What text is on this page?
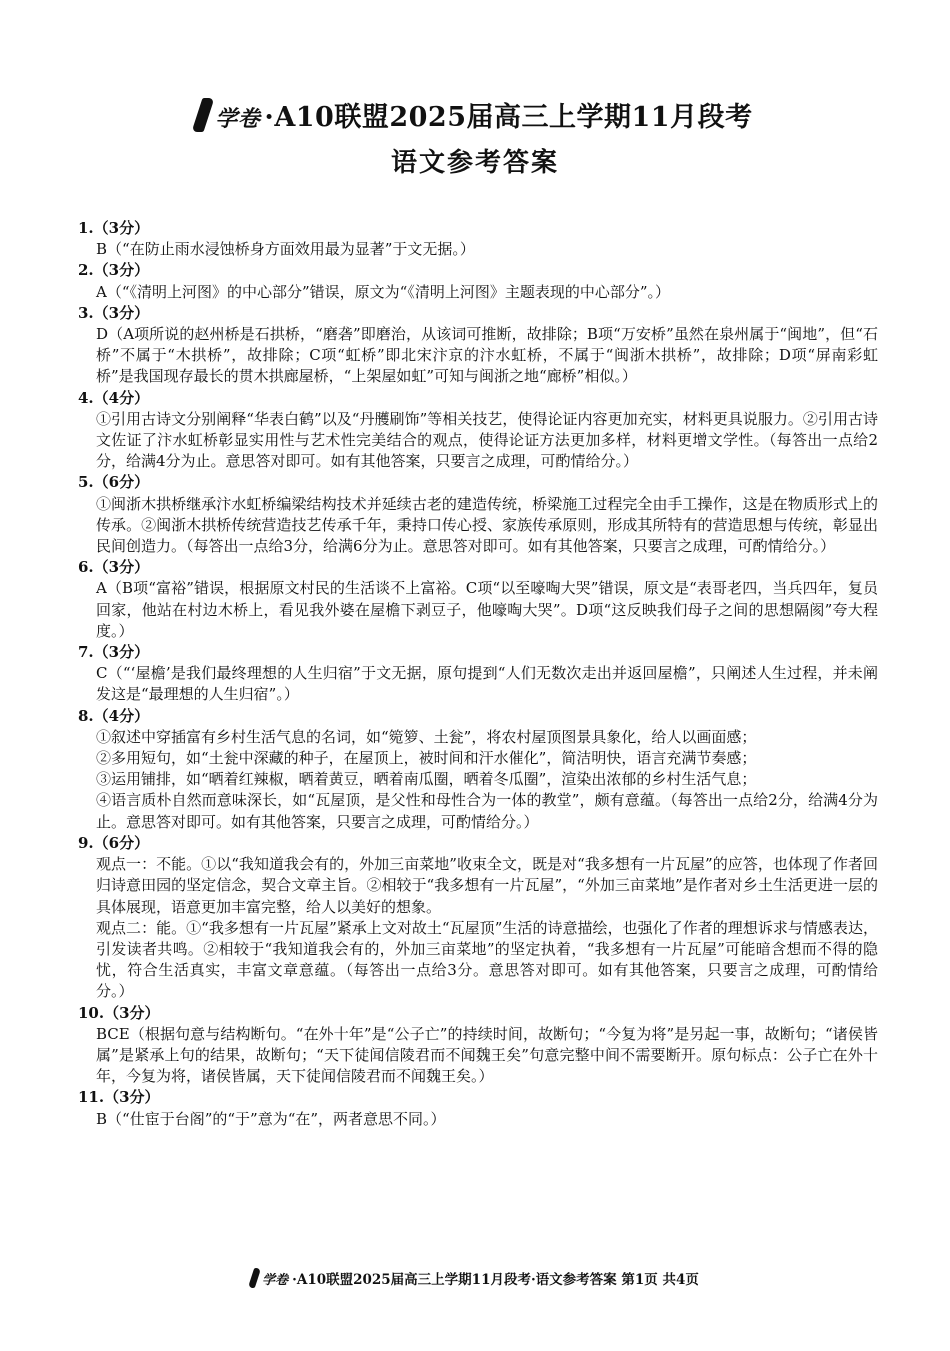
学卷 ·A10联盟2025届高三上学期11月段考
语文参考答案
1.（3分）
B（“在防止雨水浸蚀桥身方面效用最为显著”于文无据。）
2.（3分）
A（“《清明上河图》的中心部分”错误，原文为“《清明上河图》主题表现的中心部分”。）
3.（3分）
D（A项所说的赵州桥是石拱桥，“磨砻”即磨治，从该词可推断，故排除；B项“万安桥”虽然在泉州属于“闽地”，但“石桥”不属于“木拱桥”，故排除；C项“虹桥”即北宋汴京的汴水虹桥，不属于“闽浙木拱桥”，故排除；D项“屏南彩虹桥”是我国现存最长的贯木拱廊屋桥，“上架屋如虹”可知与闽浙之地“廊桥”相似。）
4.（4分）
①引用古诗文分别阐释“华表白鹤”以及“丹雘刷饰”等相关技艺，使得论证内容更加充实，材料更具说服力。②引用古诗文佐证了汴水虹桥彰显实用性与艺术性完美结合的观点，使得论证方法更加多样，材料更增文学性。（每答出一点给2分，给满4分为止。意思答对即可。如有其他答案，只要言之成理，可酌情给分。）
5.（6分）
①闽浙木拱桥继承汴水虹桥编梁结构技术并延续古老的建造传统，桥梁施工过程完全由手工操作，这是在物质形式上的传承。②闽浙木拱桥传统营造技艺传承千年，秉持口传心授、家族传承原则，形成其所特有的营造思想与传统，彰显出民间创造力。（每答出一点给3分，给满6分为止。意思答对即可。如有其他答案，只要言之成理，可酌情给分。）
6.（3分）
A（B项“富裕”错误，根据原文村民的生活谈不上富裕。C项“以至嚎啕大哭”错误，原文是“表哥老四，当兵四年，复员回家，他站在村边木桥上，看见我外婆在屋檐下剥豆子，他嚎啕大哭”。D项“这反映我们母子之间的思想隔阂”夸大程度。）
7.（3分）
C（“‘屋檐’是我们最终理想的人生归宿”于文无据，原句提到“人们无数次走出并返回屋檐”，只阐述人生过程，并未阐发这是“最理想的人生归宿”。）
8.（4分）
①叙述中穿插富有乡村生活气息的名词，如“箢箩、土瓮”，将农村屋顶图景具象化，给人以画面感；
②多用短句，如“土瓮中深藏的种子，在屋顶上，被时间和汗水催化”，简洁明快，语言充满节奏感；
③运用铺排，如“晒着红辣椒，晒着黄豆，晒着南瓜圈，晒着冬瓜圈”，渲染出浓郁的乡村生活气息；
④语言质朴自然而意味深长，如“瓦屋顶，是父性和母性合为一体的教堂”，颇有意蕴。（每答出一点给2分，给满4分为止。意思答对即可。如有其他答案，只要言之成理，可酌情给分。）
9.（6分）
观点一：不能。①以“我知道我会有的，外加三亩菜地”收束全文，既是对“我多想有一片瓦屋”的应答，也体现了作者回归诗意田园的坚定信念，契合文章主旨。②相较于“我多想有一片瓦屋”，“外加三亩菜地”是作者对乡土生活更进一层的具体展现，语意更加丰富完整，给人以美好的想象。
观点二：能。①“我多想有一片瓦屋”紧承上文对故土“瓦屋顶”生活的诗意描绘，也强化了作者的理想诉求与情感表达，引发读者共鸣。②相较于“我知道我会有的，外加三亩菜地”的坚定执着，“我多想有一片瓦屋”可能暗含想而不得的隐忧，符合生活真实，丰富文章意蕴。（每答出一点给3分。意思答对即可。如有其他答案，只要言之成理，可酌情给分。）
10.（3分）
BCE（根据句意与结构断句。“在外十年”是“公子亡”的持续时间，故断句；“今复为将”是另起一事，故断句；“诸侯皆属”是紧承上句的结果，故断句；“天下徒闻信陵君而不闻魏王矣”句意完整中间不需要断开。原句标点：公子亡在外十年，今复为将，诸侯皆属，天下徒闻信陵君而不闻魏王矣。）
11.（3分）
B（“仕宦于台阁”的“于”意为“在”，两者意思不同。）
学卷 ·A10联盟2025届高三上学期11月段考·语文参考答案 第1页 共4页
